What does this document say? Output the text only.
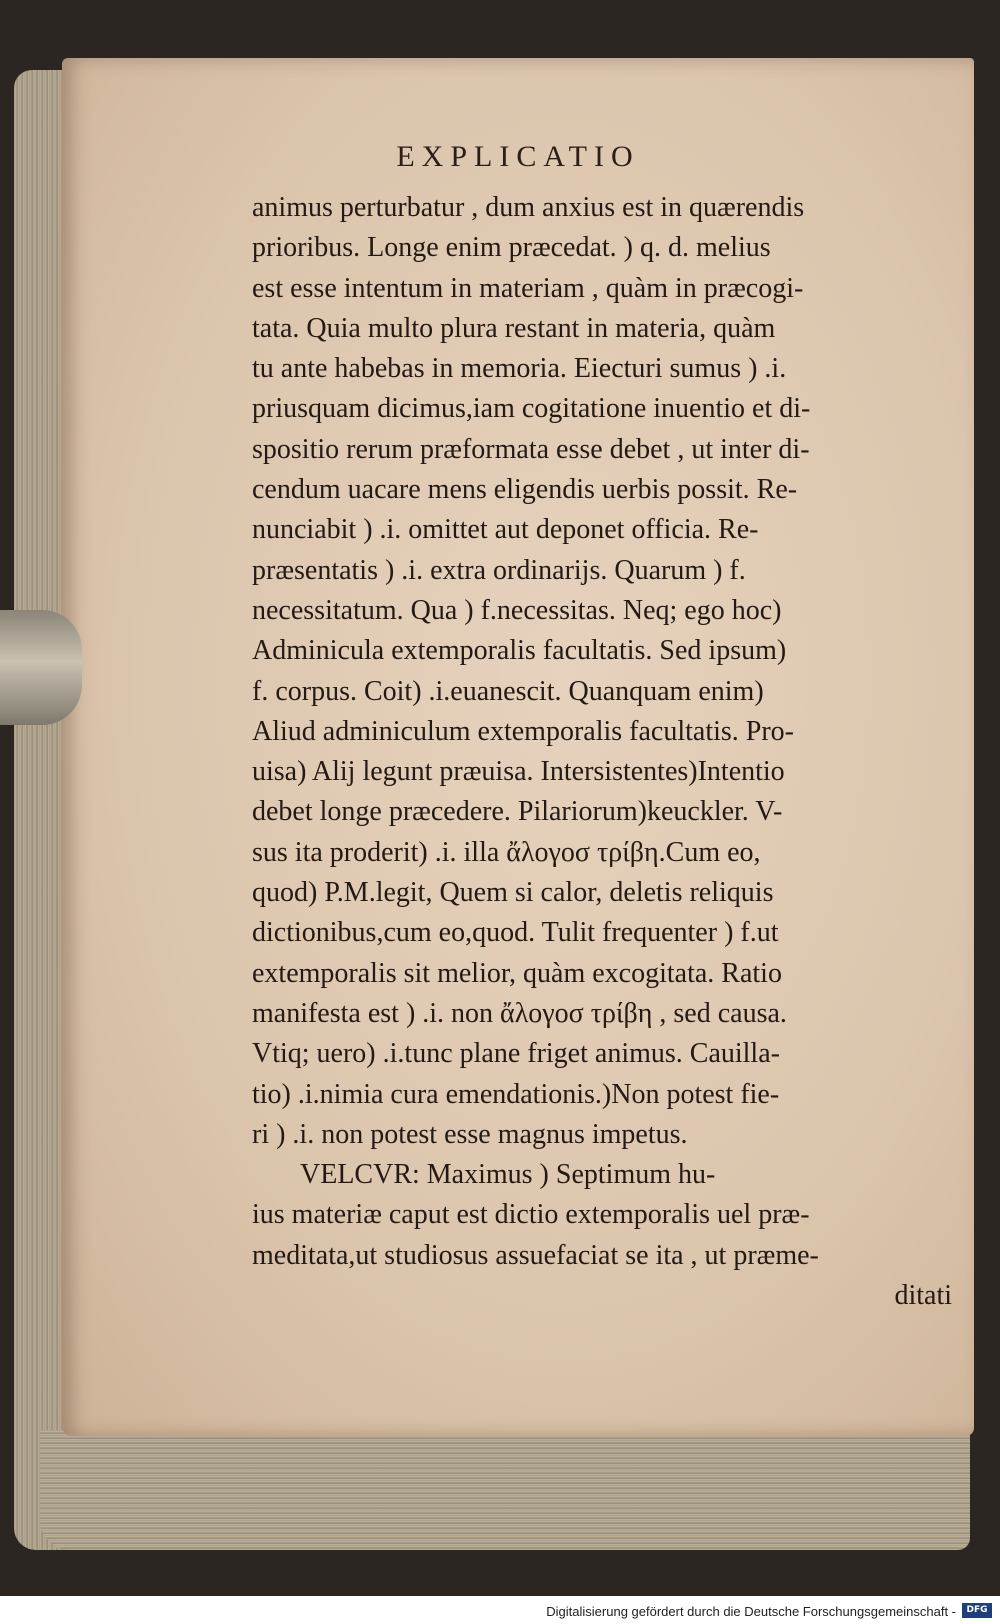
EXPLICATIO
animus perturbatur , dum anxius est in quærendis
prioribus. Longe enim præcedat. ) q. d. melius
est esse intentum in materiam , quàm in præcogi-
tata. Quia multo plura restant in materia, quàm
tu ante habebas in memoria. Eiecturi sumus ) .i.
priusquam dicimus,iam cogitatione inuentio et di-
spositio rerum præformata esse debet , ut inter di-
cendum uacare mens eligendis uerbis possit. Re-
nunciabit ) .i. omittet aut deponet officia. Re-
præsentatis ) .i. extra ordinarijs. Quarum ) f.
necessitatum. Qua ) f.necessitas. Neq; ego hoc)
Adminicula extemporalis facultatis. Sed ipsum)
f. corpus. Coit) .i.euanescit. Quanquam enim)
Aliud adminiculum extemporalis facultatis. Pro-
uisa) Alij legunt præuisa. Intersistentes)Intentio
debet longe præcedere. Pilariorum)keuckler. V-
sus ita proderit) .i. illa ἄλογοσ τρίβη.Cum eo,
quod) P.M.legit, Quem si calor, deletis reliquis
dictionibus,cum eo,quod. Tulit frequenter ) f.ut
extemporalis sit melior, quàm excogitata. Ratio
manifesta est ) .i. non ἄλογοσ τρίβη , sed causa.
Vtiq; uero) .i.tunc plane friget animus. Cauilla-
tio) .i.nimia cura emendationis.)Non potest fie-
ri ) .i. non potest esse magnus impetus.
VELCVR: Maximus ) Septimum hu-
ius materiæ caput est dictio extemporalis uel præ-
meditata,ut studiosus assuefaciat se ita , ut præme-
ditati
Digitalisierung gefördert durch die Deutsche Forschungsgemeinschaft -	DFG
